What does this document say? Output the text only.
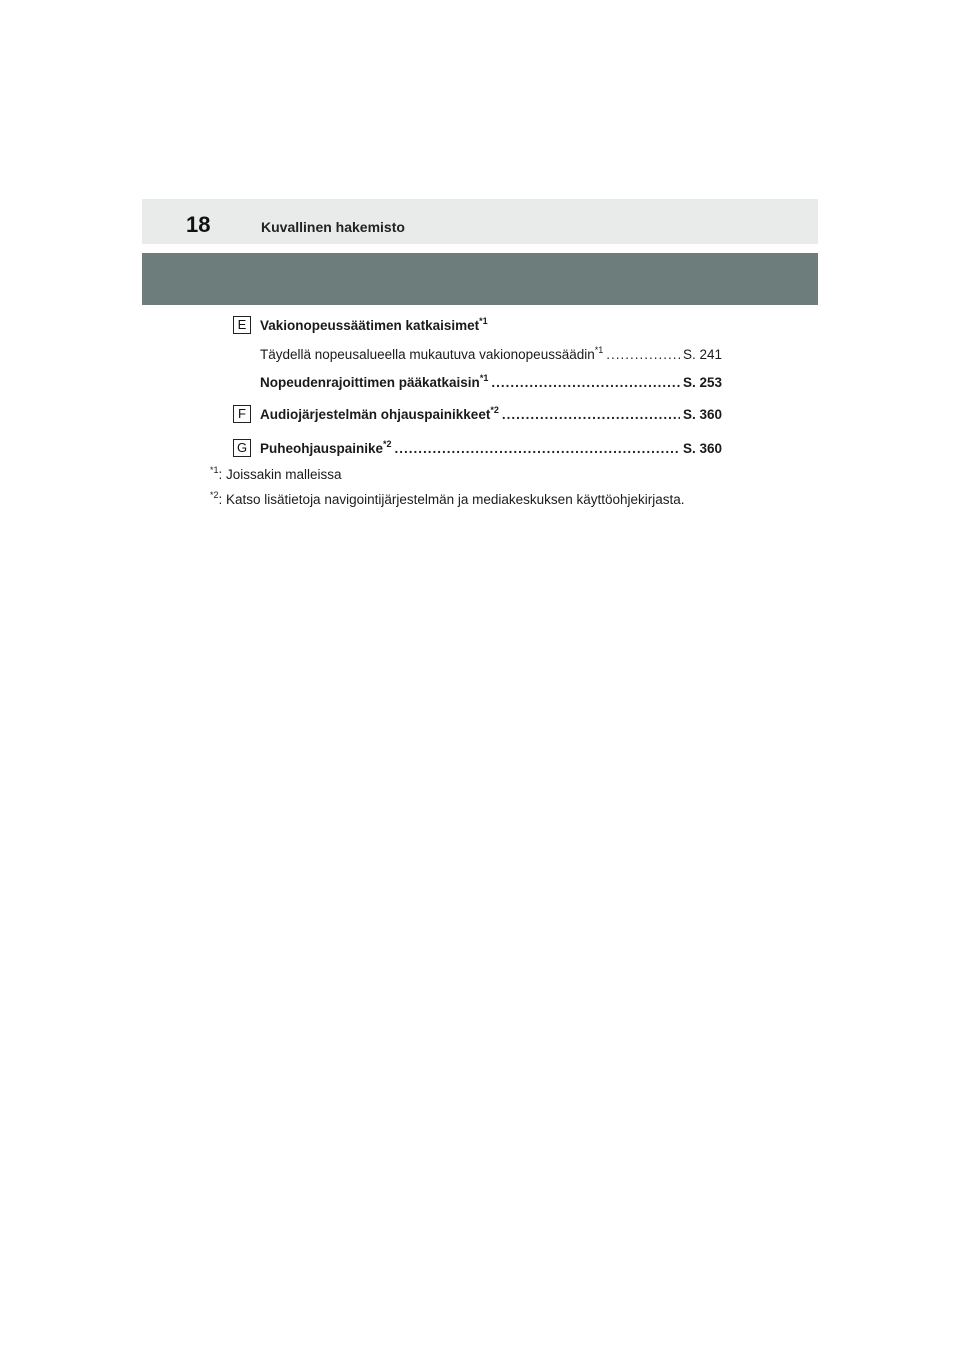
18	Kuvallinen hakemisto
E	Vakionopeussäätimen katkaisimet$^{*1}$
Täydellä nopeusalueella mukautuva vakionopeussäädin$^{*1}$ .....	S. 241
Nopeudenrajoittimen pääkatkaisin$^{*1}$ .....	S. 253
F	Audiojärjestelmän ohjauspainikkeet$^{*2}$ .....	S. 360
G Puheohjauspainike$^{*2}$ .....	S. 360
$^{*1}$: Joissakin malleissa
$^{*2}$: Katso lisätietoja navigointijärjestelmän ja mediakeskuksen käyttöohjekirjasta.
